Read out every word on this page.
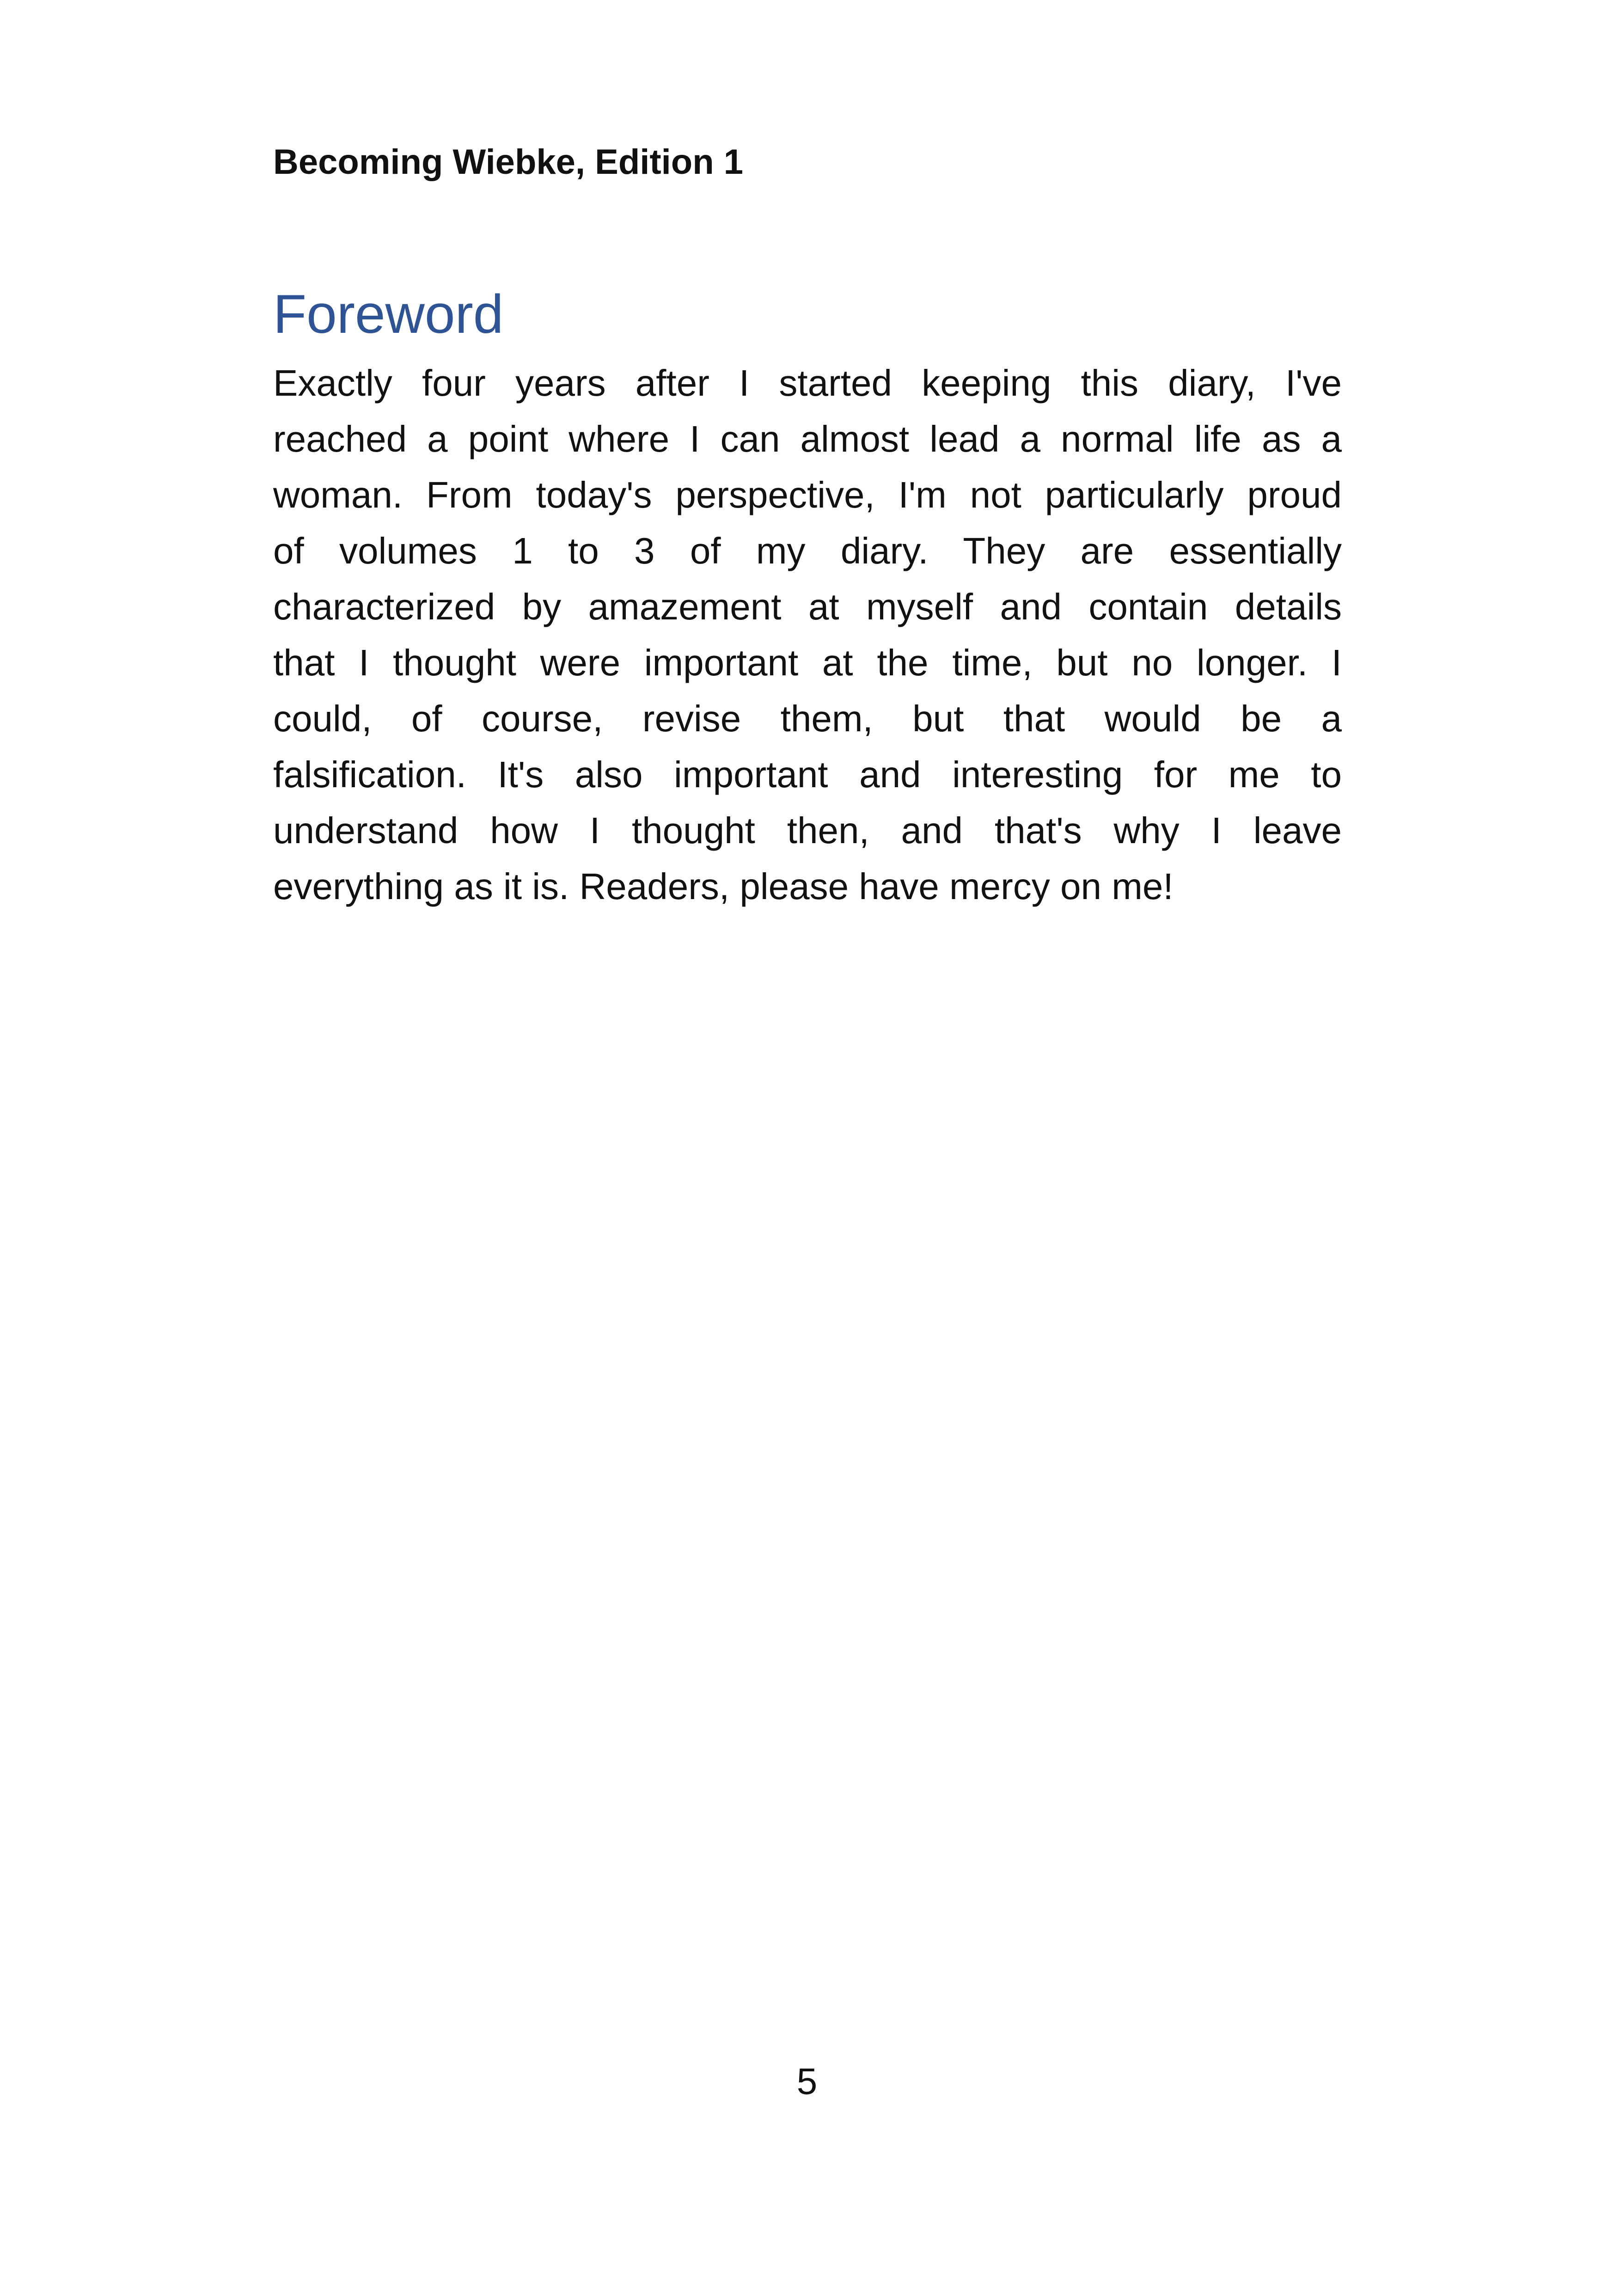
Becoming Wiebke, Edition 1
Foreword
Exactly four years after I started keeping this diary, I've
reached a point where I can almost lead a normal life as a
woman. From today's perspective, I'm not particularly proud
of volumes 1 to 3 of my diary. They are essentially
characterized by amazement at myself and contain details
that I thought were important at the time, but no longer. I
could, of course, revise them, but that would be a
falsification. It's also important and interesting for me to
understand how I thought then, and that's why I leave
everything as it is. Readers, please have mercy on me!
5
